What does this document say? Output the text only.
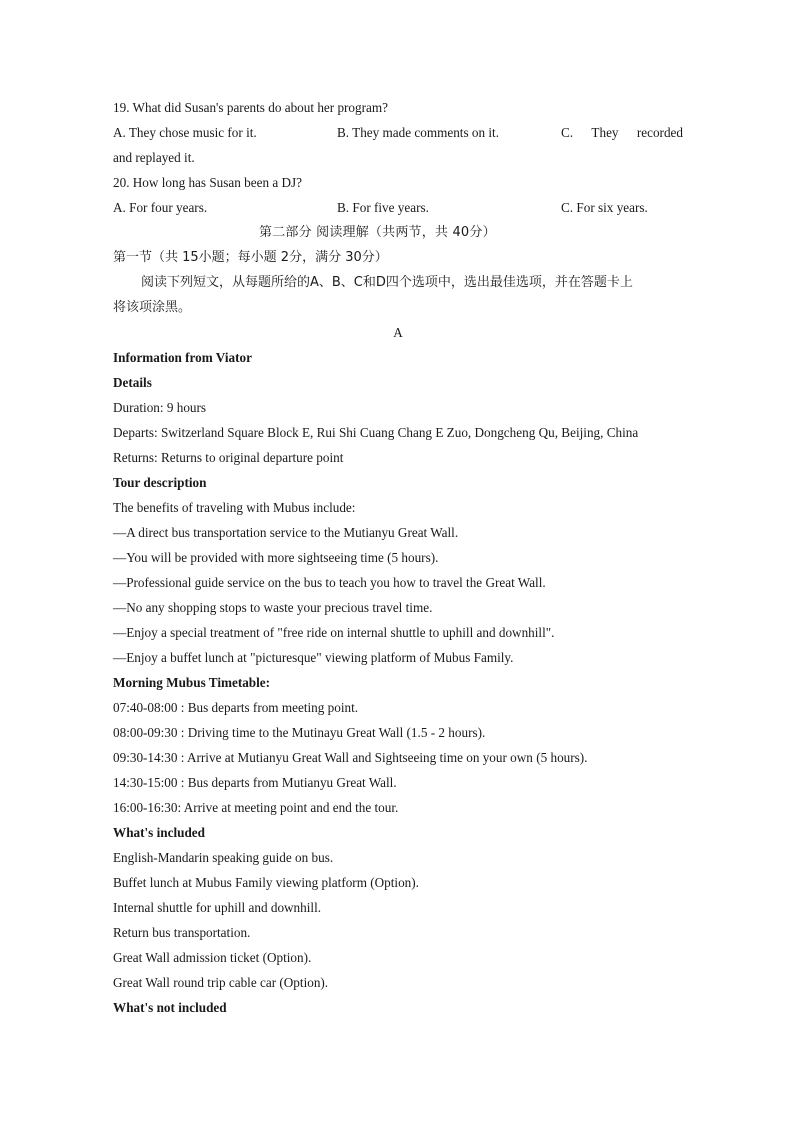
19. What did Susan's parents do about her program?
A. They chose music for it.	B. They made comments on it.	C. They recorded
and replayed it.
20. How long has Susan been a DJ?
A. For four years.	B. For five years.	C. For six years.
第二部分 阅读理解（共两节，共 40分）
第一节（共 15小题；每小题 2分，满分 30分）
阅读下列短文，从每题所给的A、B、C和D四个选项中，选出最佳选项，并在答题卡上
将该项涂黑。
A
Information from Viator
Details
Duration: 9 hours
Departs: Switzerland Square Block E, Rui Shi Cuang Chang E Zuo, Dongcheng Qu, Beijing, China
Returns: Returns to original departure point
Tour description
The benefits of traveling with Mubus include:
—A direct bus transportation service to the Mutianyu Great Wall.
—You will be provided with more sightseeing time (5 hours).
—Professional guide service on the bus to teach you how to travel the Great Wall.
—No any shopping stops to waste your precious travel time.
—Enjoy a special treatment of "free ride on internal shuttle to uphill and downhill".
—Enjoy a buffet lunch at "picturesque" viewing platform of Mubus Family.
Morning Mubus Timetable:
07:40-08:00 : Bus departs from meeting point.
08:00-09:30 : Driving time to the Mutinayu Great Wall (1.5 - 2 hours).
09:30-14:30 : Arrive at Mutianyu Great Wall and Sightseeing time on your own (5 hours).
14:30-15:00 : Bus departs from Mutianyu Great Wall.
16:00-16:30: Arrive at meeting point and end the tour.
What's included
English-Mandarin speaking guide on bus.
Buffet lunch at Mubus Family viewing platform (Option).
Internal shuttle for uphill and downhill.
Return bus transportation.
Great Wall admission ticket (Option).
Great Wall round trip cable car (Option).
What's not included
